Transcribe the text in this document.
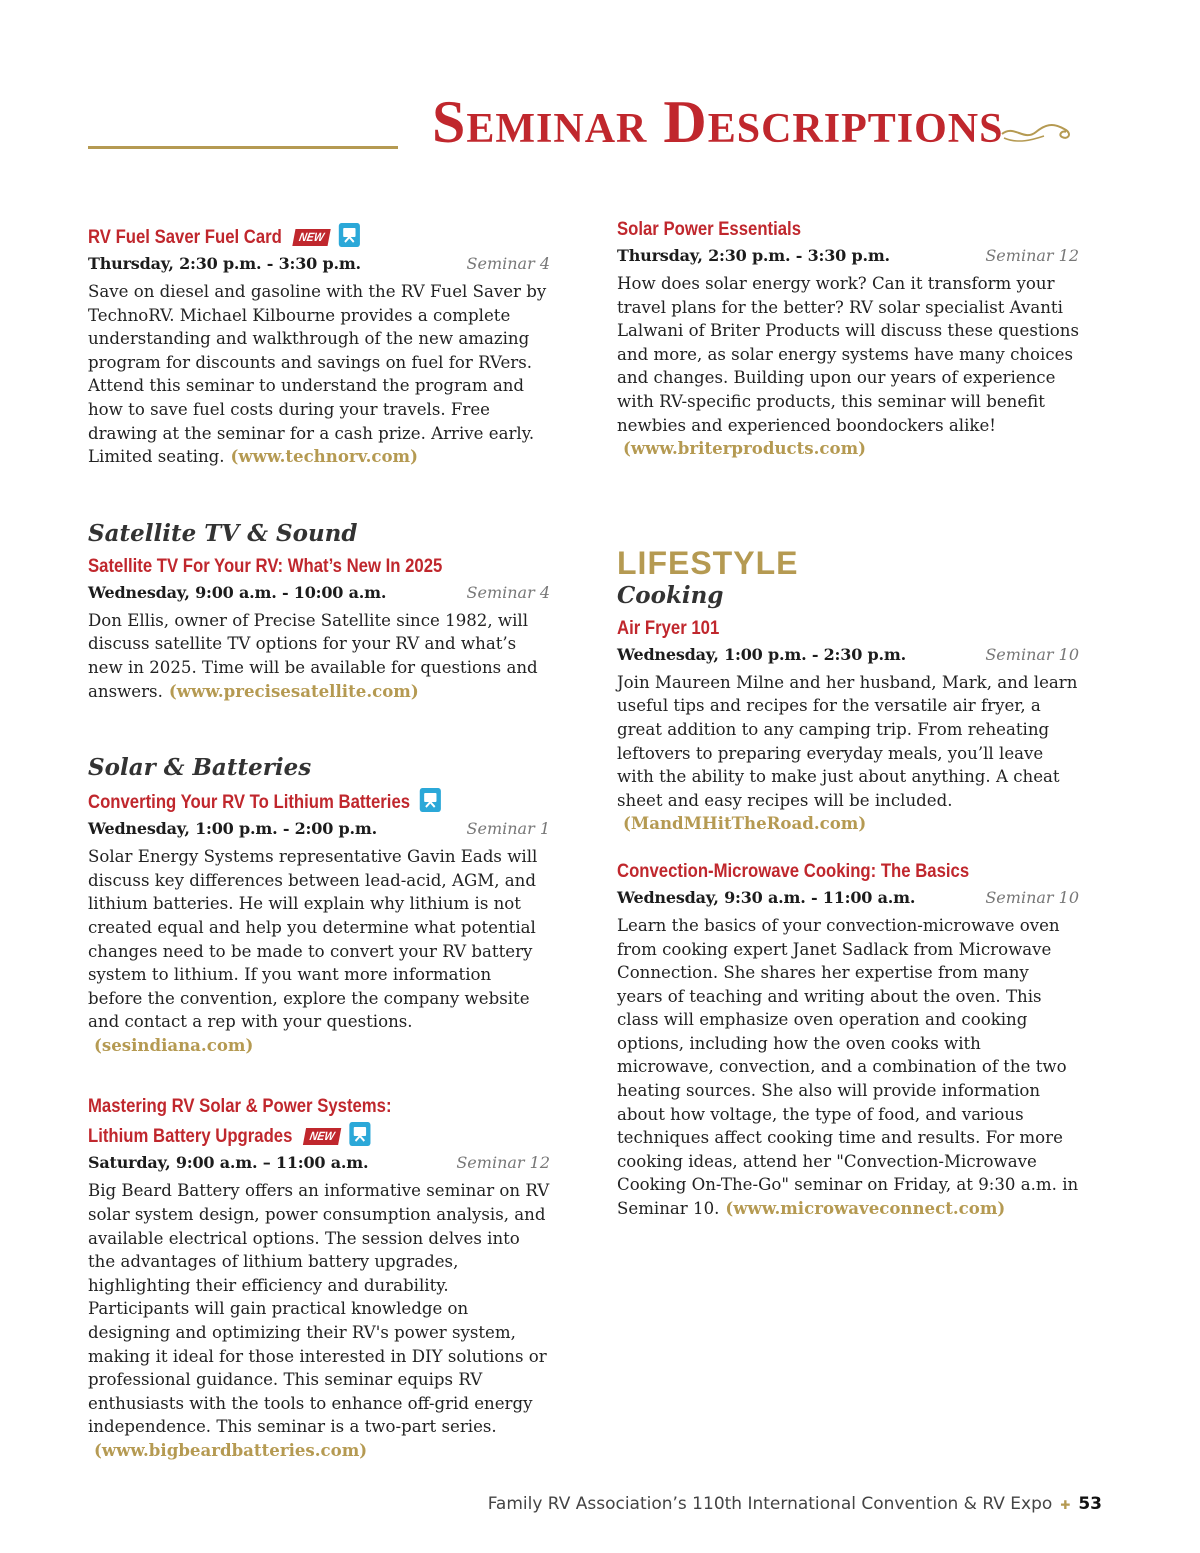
Seminar Descriptions
RV Fuel Saver Fuel Card NEW
Thursday, 2:30 p.m. - 3:30 p.m.	Seminar 4

Save on diesel and gasoline with the RV Fuel Saver by TechnoRV. Michael Kilbourne provides a complete understanding and walkthrough of the new amazing program for discounts and savings on fuel for RVers. Attend this seminar to understand the program and how to save fuel costs during your travels. Free drawing at the seminar for a cash prize. Arrive early. Limited seating. (www.technorv.com)

Satellite TV & Sound
Satellite TV For Your RV: What’s New In 2025
Wednesday, 9:00 a.m. - 10:00 a.m.	Seminar 4

Don Ellis, owner of Precise Satellite since 1982, will discuss satellite TV options for your RV and what’s new in 2025. Time will be available for questions and answers. (www.precisesatellite.com)

Solar & Batteries
Converting Your RV To Lithium Batteries
Wednesday, 1:00 p.m. - 2:00 p.m.	Seminar 1

Solar Energy Systems representative Gavin Eads will discuss key differences between lead-acid, AGM, and lithium batteries. He will explain why lithium is not created equal and help you determine what potential changes need to be made to convert your RV battery system to lithium. If you want more information before the convention, explore the company website and contact a rep with your questions.(sesindiana.com)

Mastering RV Solar & Power Systems:
Lithium Battery Upgrades NEW
Saturday, 9:00 a.m. – 11:00 a.m.	Seminar 12

Big Beard Battery offers an informative seminar on RV solar system design, power consumption analysis, and available electrical options. The session delves into the advantages of lithium battery upgrades, highlighting their efficiency and durability. Participants will gain practical knowledge on designing and optimizing their RV's power system, making it ideal for those interested in DIY solutions or professional guidance. This seminar equips RV enthusiasts with the tools to enhance off-grid energy independence. This seminar is a two-part series.(www.bigbeardbatteries.com)

Solar Power Essentials
Thursday, 2:30 p.m. - 3:30 p.m.	Seminar 12

How does solar energy work? Can it transform your travel plans for the better? RV solar specialist Avanti Lalwani of Briter Products will discuss these questions and more, as solar energy systems have many choices and changes. Building upon our years of experience with RV-specific products, this seminar will benefit newbies and experienced boondockers alike!(www.briterproducts.com)

LIFESTYLE
Cooking
Air Fryer 101
Wednesday, 1:00 p.m. - 2:30 p.m.	Seminar 10

Join Maureen Milne and her husband, Mark, and learn useful tips and recipes for the versatile air fryer, a great addition to any camping trip. From reheating leftovers to preparing everyday meals, you’ll leave with the ability to make just about anything. A cheat sheet and easy recipes will be included.(MandMHitTheRoad.com)

Convection-Microwave Cooking: The Basics
Wednesday, 9:30 a.m. - 11:00 a.m.	Seminar 10

Learn the basics of your convection-microwave oven from cooking expert Janet Sadlack from Microwave Connection. She shares her expertise from many years of teaching and writing about the oven. This class will emphasize oven operation and cooking options, including how the oven cooks with microwave, convection, and a combination of the two heating sources. She also will provide information about how voltage, the type of food, and various techniques affect cooking time and results. For more cooking ideas, attend her "Convection-Microwave Cooking On-The-Go" seminar on Friday, at 9:30 a.m. in Seminar 10. (www.microwaveconnect.com)

Family RV Association’s 110th International Convention & RV Expo ✚ 53
